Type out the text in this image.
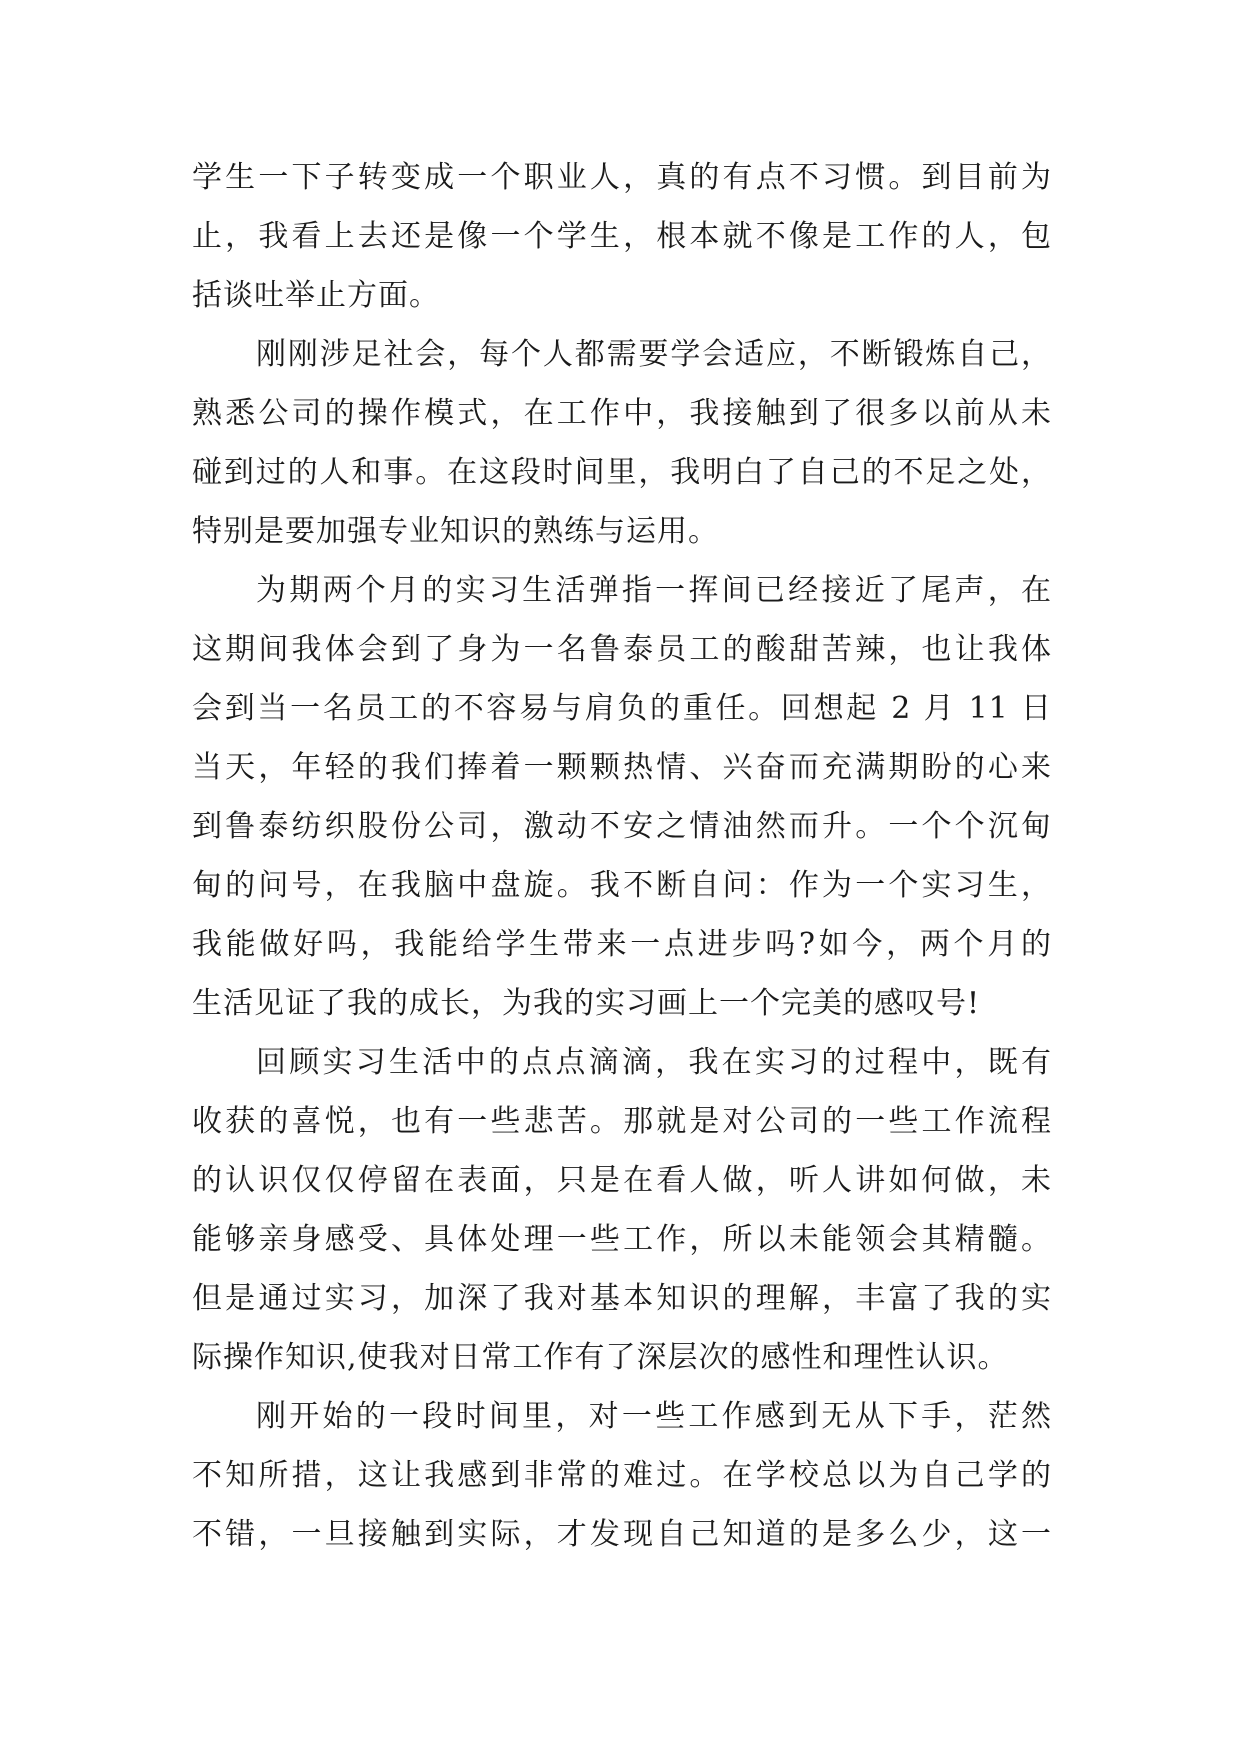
学生一下子转变成一个职业人，真的有点不习惯。到目前为
止，我看上去还是像一个学生，根本就不像是工作的人，包
括谈吐举止方面。
刚刚涉足社会，每个人都需要学会适应，不断锻炼自己，
熟悉公司的操作模式，在工作中，我接触到了很多以前从未
碰到过的人和事。在这段时间里，我明白了自己的不足之处，
特别是要加强专业知识的熟练与运用。
为期两个月的实习生活弹指一挥间已经接近了尾声，在
这期间我体会到了身为一名鲁泰员工的酸甜苦辣，也让我体
会到当一名员工的不容易与肩负的重任。回想起 2 月 11 日
当天，年轻的我们捧着一颗颗热情、兴奋而充满期盼的心来
到鲁泰纺织股份公司，激动不安之情油然而升。一个个沉甸
甸的问号，在我脑中盘旋。我不断自问：作为一个实习生，
我能做好吗，我能给学生带来一点进步吗?如今，两个月的
生活见证了我的成长，为我的实习画上一个完美的感叹号!
回顾实习生活中的点点滴滴，我在实习的过程中，既有
收获的喜悦，也有一些悲苦。那就是对公司的一些工作流程
的认识仅仅停留在表面，只是在看人做，听人讲如何做，未
能够亲身感受、具体处理一些工作，所以未能领会其精髓。
但是通过实习，加深了我对基本知识的理解，丰富了我的实
际操作知识,使我对日常工作有了深层次的感性和理性认识。
刚开始的一段时间里，对一些工作感到无从下手，茫然
不知所措，这让我感到非常的难过。在学校总以为自己学的
不错，一旦接触到实际，才发现自己知道的是多么少，这一
